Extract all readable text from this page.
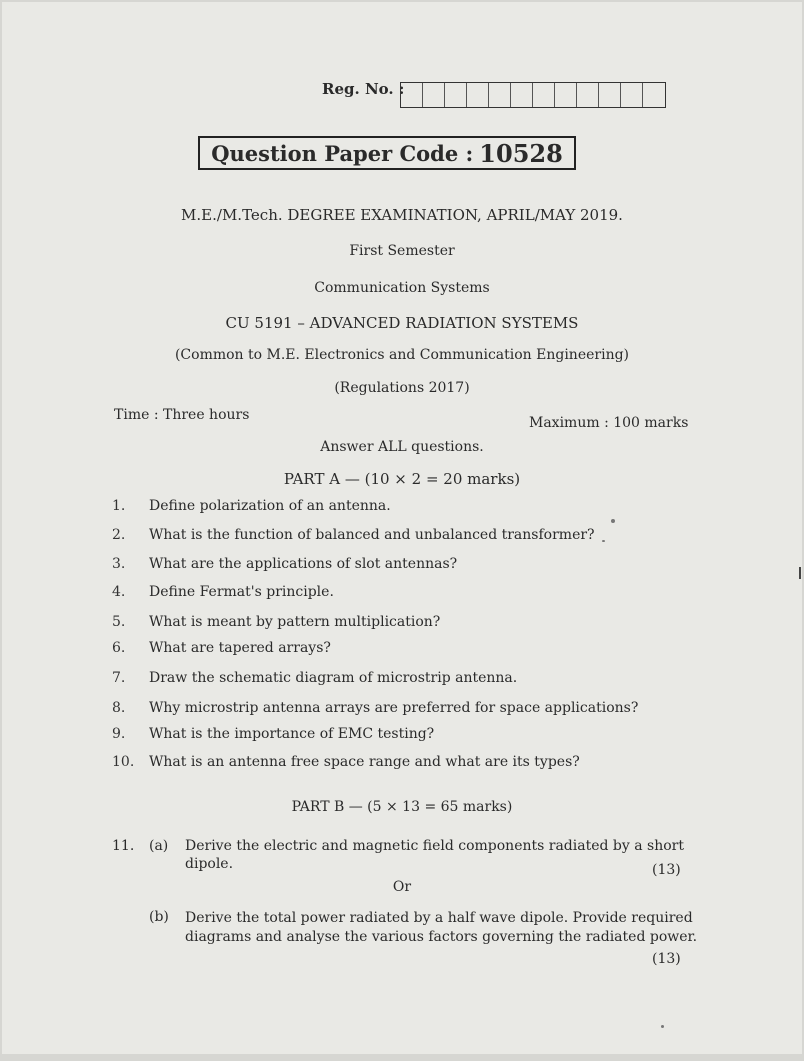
Reg. No. :
Question Paper Code : 10528
M.E./M.Tech. DEGREE EXAMINATION, APRIL/MAY 2019.
First Semester
Communication Systems
CU 5191 – ADVANCED RADIATION SYSTEMS
(Common to M.E. Electronics and Communication Engineering)
(Regulations 2017)
Time : Three hours	Maximum : 100 marks
Answer ALL questions.
PART A — (10 × 2 = 20 marks)
1. Define polarization of an antenna.
2. What is the function of balanced and unbalanced transformer?
3. What are the applications of slot antennas?
4. Define Fermat's principle.
5. What is meant by pattern multiplication?
6. What are tapered arrays?
7. Draw the schematic diagram of microstrip antenna.
8. Why microstrip antenna arrays are preferred for space applications?
9. What is the importance of EMC testing?
10. What is an antenna free space range and what are its types?
PART B — (5 × 13 = 65 marks)
11. (a) Derive the electric and magnetic field components radiated by a short
dipole.	(13)
Or
(b) Derive the total power radiated by a half wave dipole. Provide required
diagrams and analyse the various factors governing the radiated power.
(13)
